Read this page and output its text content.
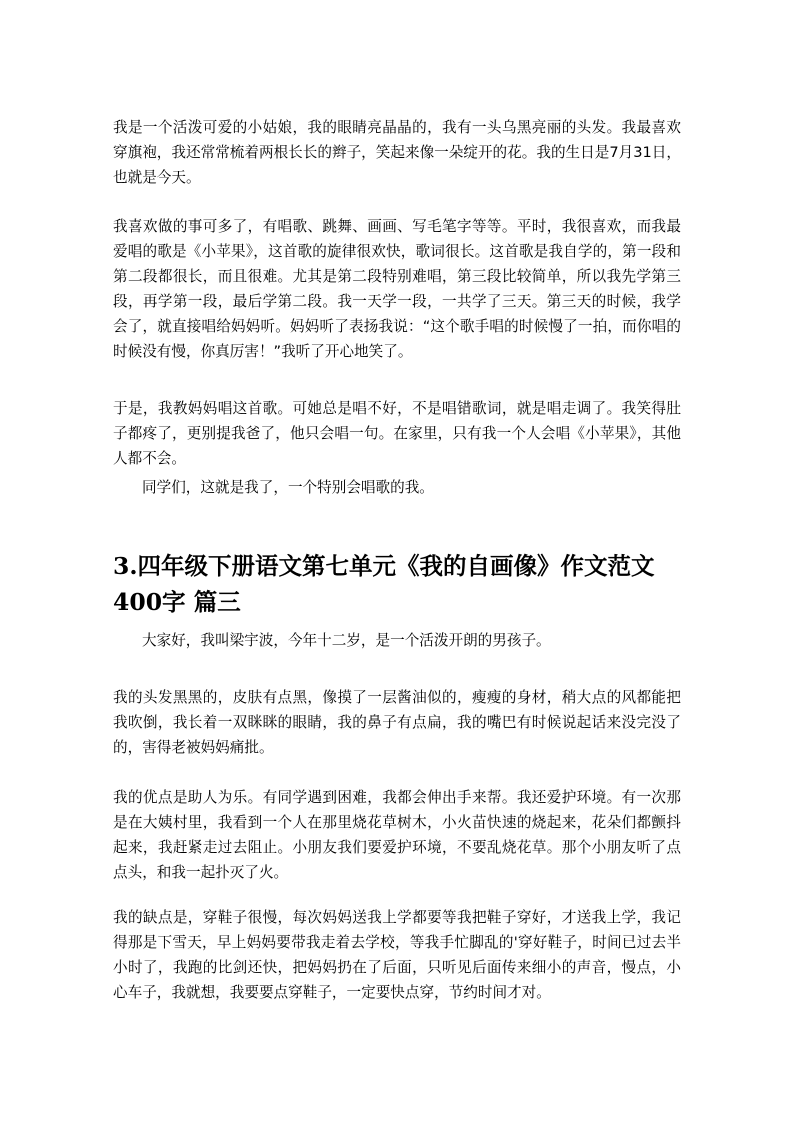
我是一个活泼可爱的小姑娘，我的眼睛亮晶晶的，我有一头乌黑亮丽的头发。我最喜欢穿旗袍，我还常常梳着两根长长的辫子，笑起来像一朵绽开的花。我的生日是7月31日，也就是今天。

我喜欢做的事可多了，有唱歌、跳舞、画画、写毛笔字等等。平时，我很喜欢，而我最爱唱的歌是《小苹果》，这首歌的旋律很欢快，歌词很长。这首歌是我自学的，第一段和第二段都很长，而且很难。尤其是第二段特别难唱，第三段比较简单，所以我先学第三段，再学第一段，最后学第二段。我一天学一段，一共学了三天。第三天的时候，我学会了，就直接唱给妈妈听。妈妈听了表扬我说：“这个歌手唱的时候慢了一拍，而你唱的时候没有慢，你真厉害！”我听了开心地笑了。

于是，我教妈妈唱这首歌。可她总是唱不好，不是唱错歌词，就是唱走调了。我笑得肚子都疼了，更别提我爸了，他只会唱一句。在家里，只有我一个人会唱《小苹果》，其他人都不会。

同学们，这就是我了，一个特别会唱歌的我。

3.四年级下册语文第七单元《我的自画像》作文范文400字 篇三

大家好，我叫梁宇波，今年十二岁，是一个活泼开朗的男孩子。

我的头发黑黑的，皮肤有点黑，像摸了一层酱油似的，瘦瘦的身材，稍大点的风都能把我吹倒，我长着一双眯眯的眼睛，我的鼻子有点扁，我的嘴巴有时候说起话来没完没了的，害得老被妈妈痛批。

我的优点是助人为乐。有同学遇到困难，我都会伸出手来帮。我还爱护环境。有一次那是在大姨村里，我看到一个人在那里烧花草树木，小火苗快速的烧起来，花朵们都颤抖起来，我赶紧走过去阻止。小朋友我们要爱护环境，不要乱烧花草。那个小朋友听了点点头，和我一起扑灭了火。

我的缺点是，穿鞋子很慢，每次妈妈送我上学都要等我把鞋子穿好，才送我上学，我记得那是下雪天，早上妈妈要带我走着去学校，等我手忙脚乱的'穿好鞋子，时间已过去半小时了，我跑的比剑还快，把妈妈扔在了后面，只听见后面传来细小的声音，慢点，小心车子，我就想，我要要点穿鞋子，一定要快点穿，节约时间才对。
